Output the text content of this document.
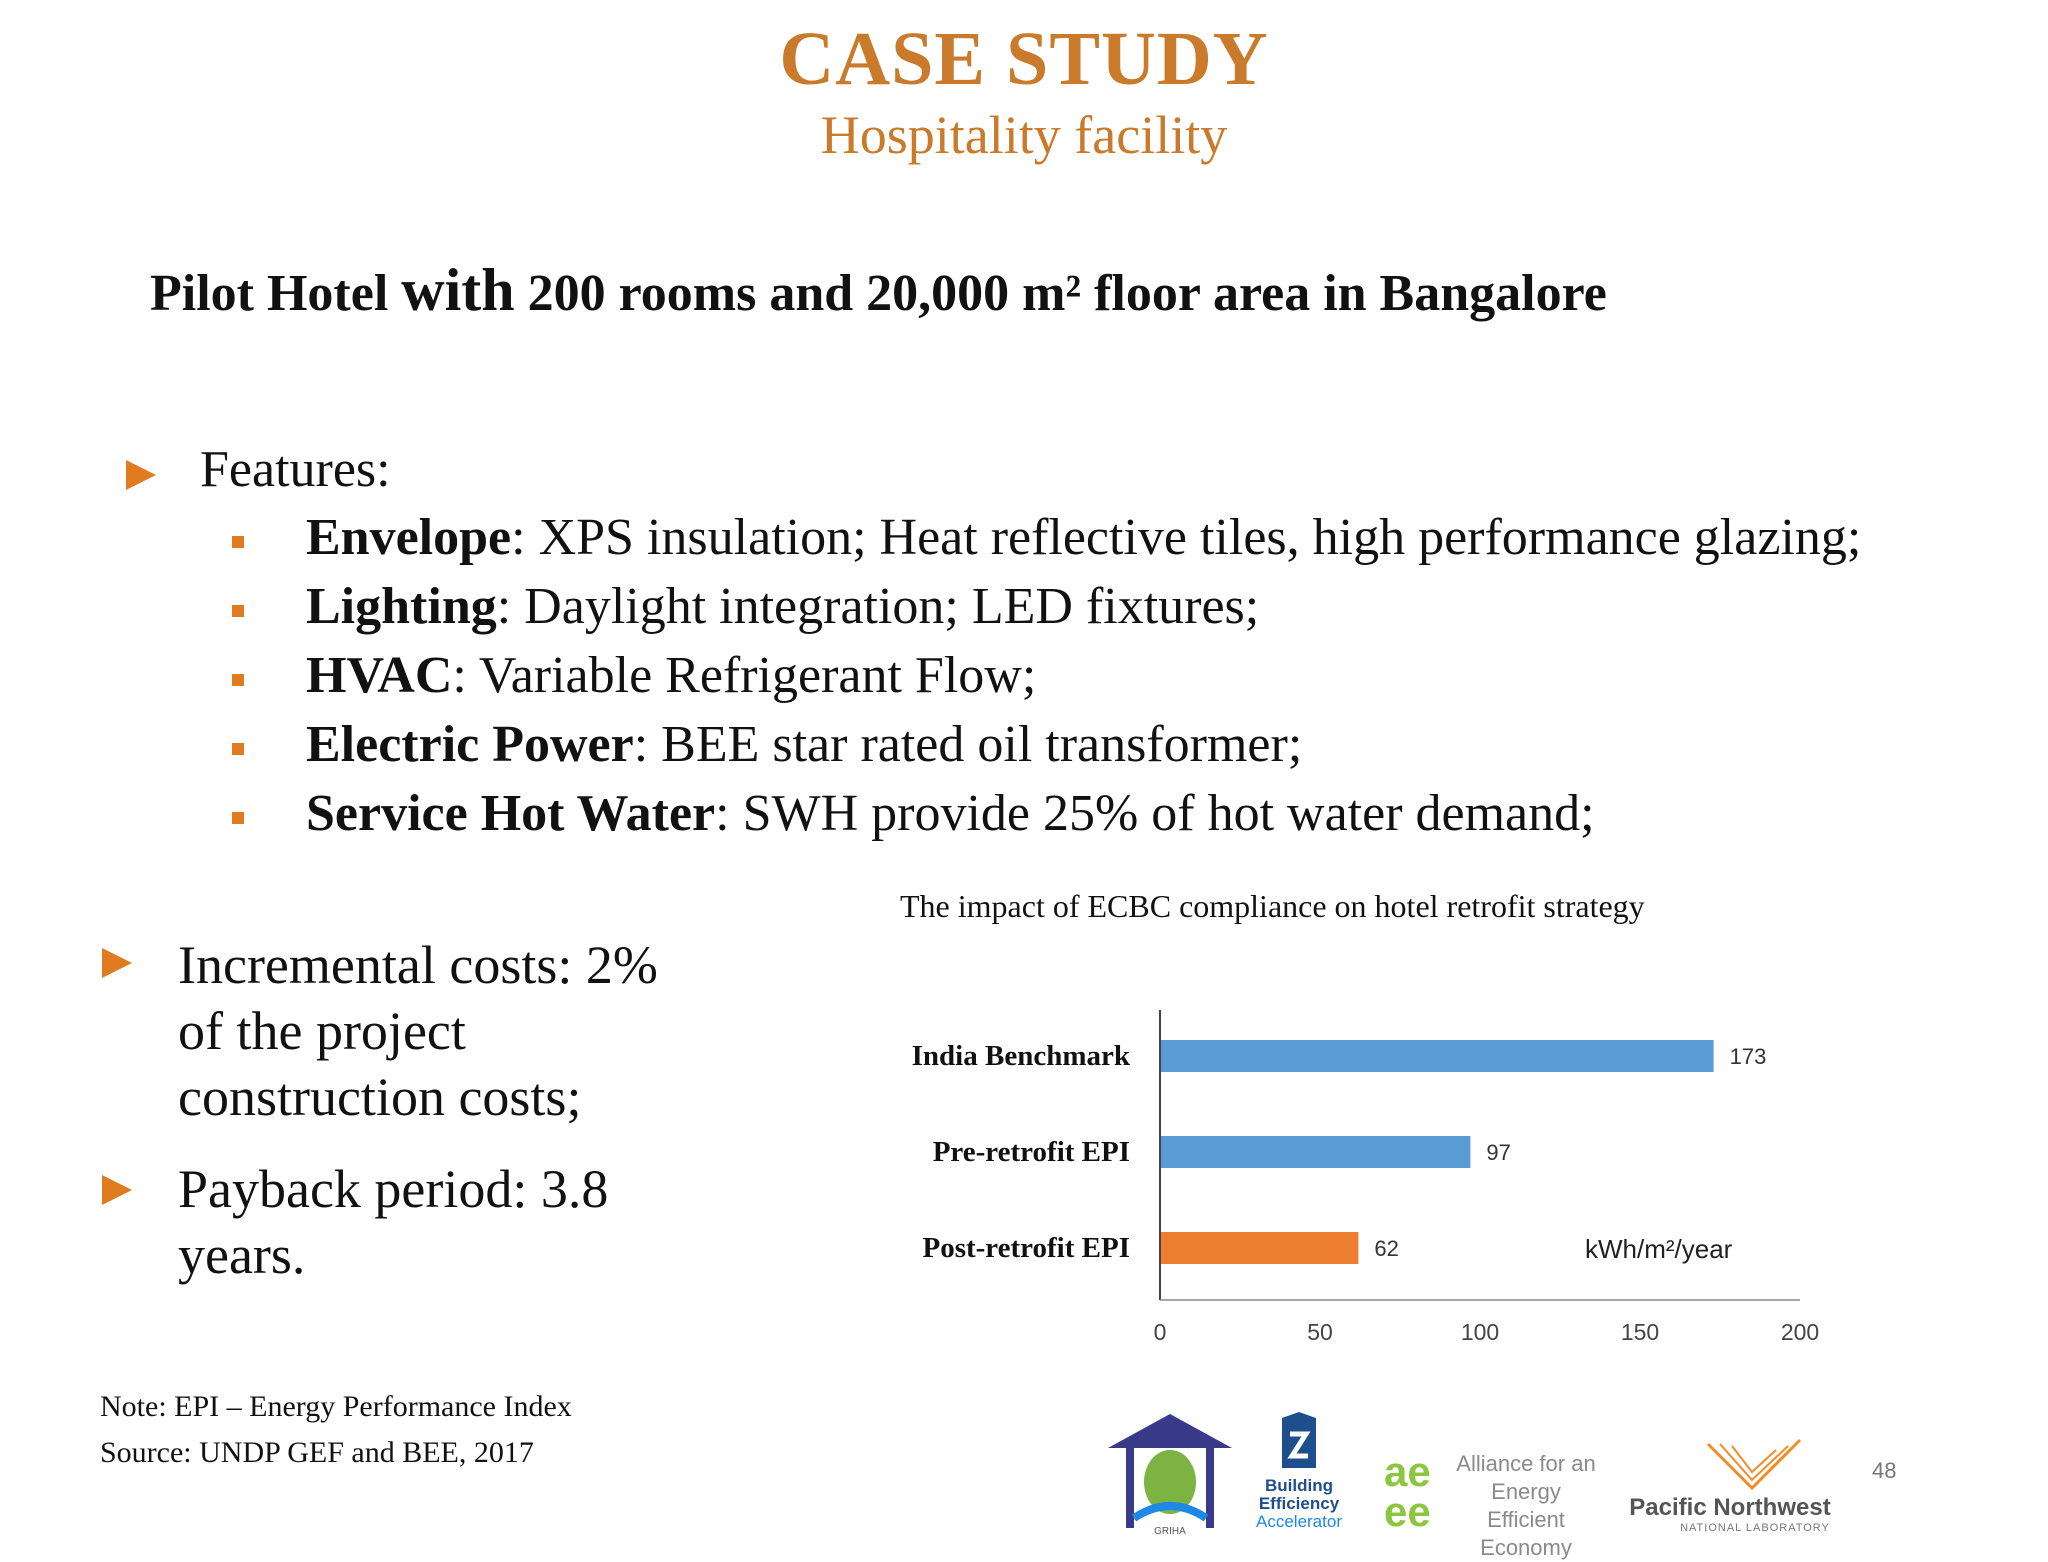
CASE STUDY
Hospitality facility
Pilot Hotel with 200 rooms and 20,000 m² floor area in Bangalore
Features:
Envelope: XPS insulation; Heat reflective tiles, high performance glazing;
Lighting: Daylight integration; LED fixtures;
HVAC: Variable Refrigerant Flow;
Electric Power: BEE star rated oil transformer;
Service Hot Water: SWH provide 25% of hot water demand;
Incremental costs: 2%
of the project
construction costs;
Payback period: 3.8
years.
Note: EPI – Energy Performance Index
Source: UNDP GEF and BEE, 2017
The impact of ECBC compliance on hotel retrofit strategy
India Benchmark
Pre-retrofit EPI
Post-retrofit EPI
173
97
62
0	50	100	150	200
kWh/m²/year
GRIHA
Building
Efficiency
Accelerator
ae
ee
Alliance for an
Energy Efficient
Economy
Pacific Northwest
NATIONAL LABORATORY
48
